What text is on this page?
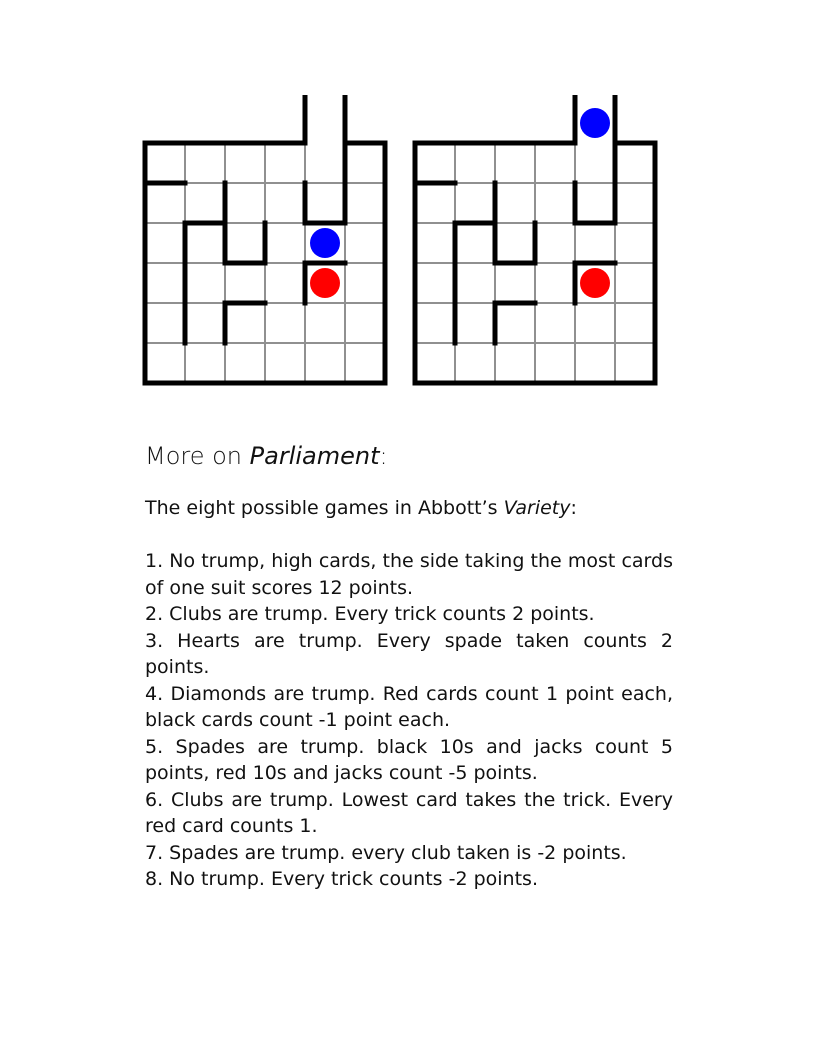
More on Parliament:
The eight possible games in Abbott’s Variety:
1. No trump, high cards, the side taking the most cards of one suit scores 12 points.
2. Clubs are trump. Every trick counts 2 points.
3. Hearts are trump. Every spade taken counts 2 points.
4. Diamonds are trump. Red cards count 1 point each, black cards count -1 point each.
5. Spades are trump. black 10s and jacks count 5 points, red 10s and jacks count -5 points.
6. Clubs are trump. Lowest card takes the trick. Every red card counts 1.
7. Spades are trump. every club taken is -2 points.
8. No trump. Every trick counts -2 points.
